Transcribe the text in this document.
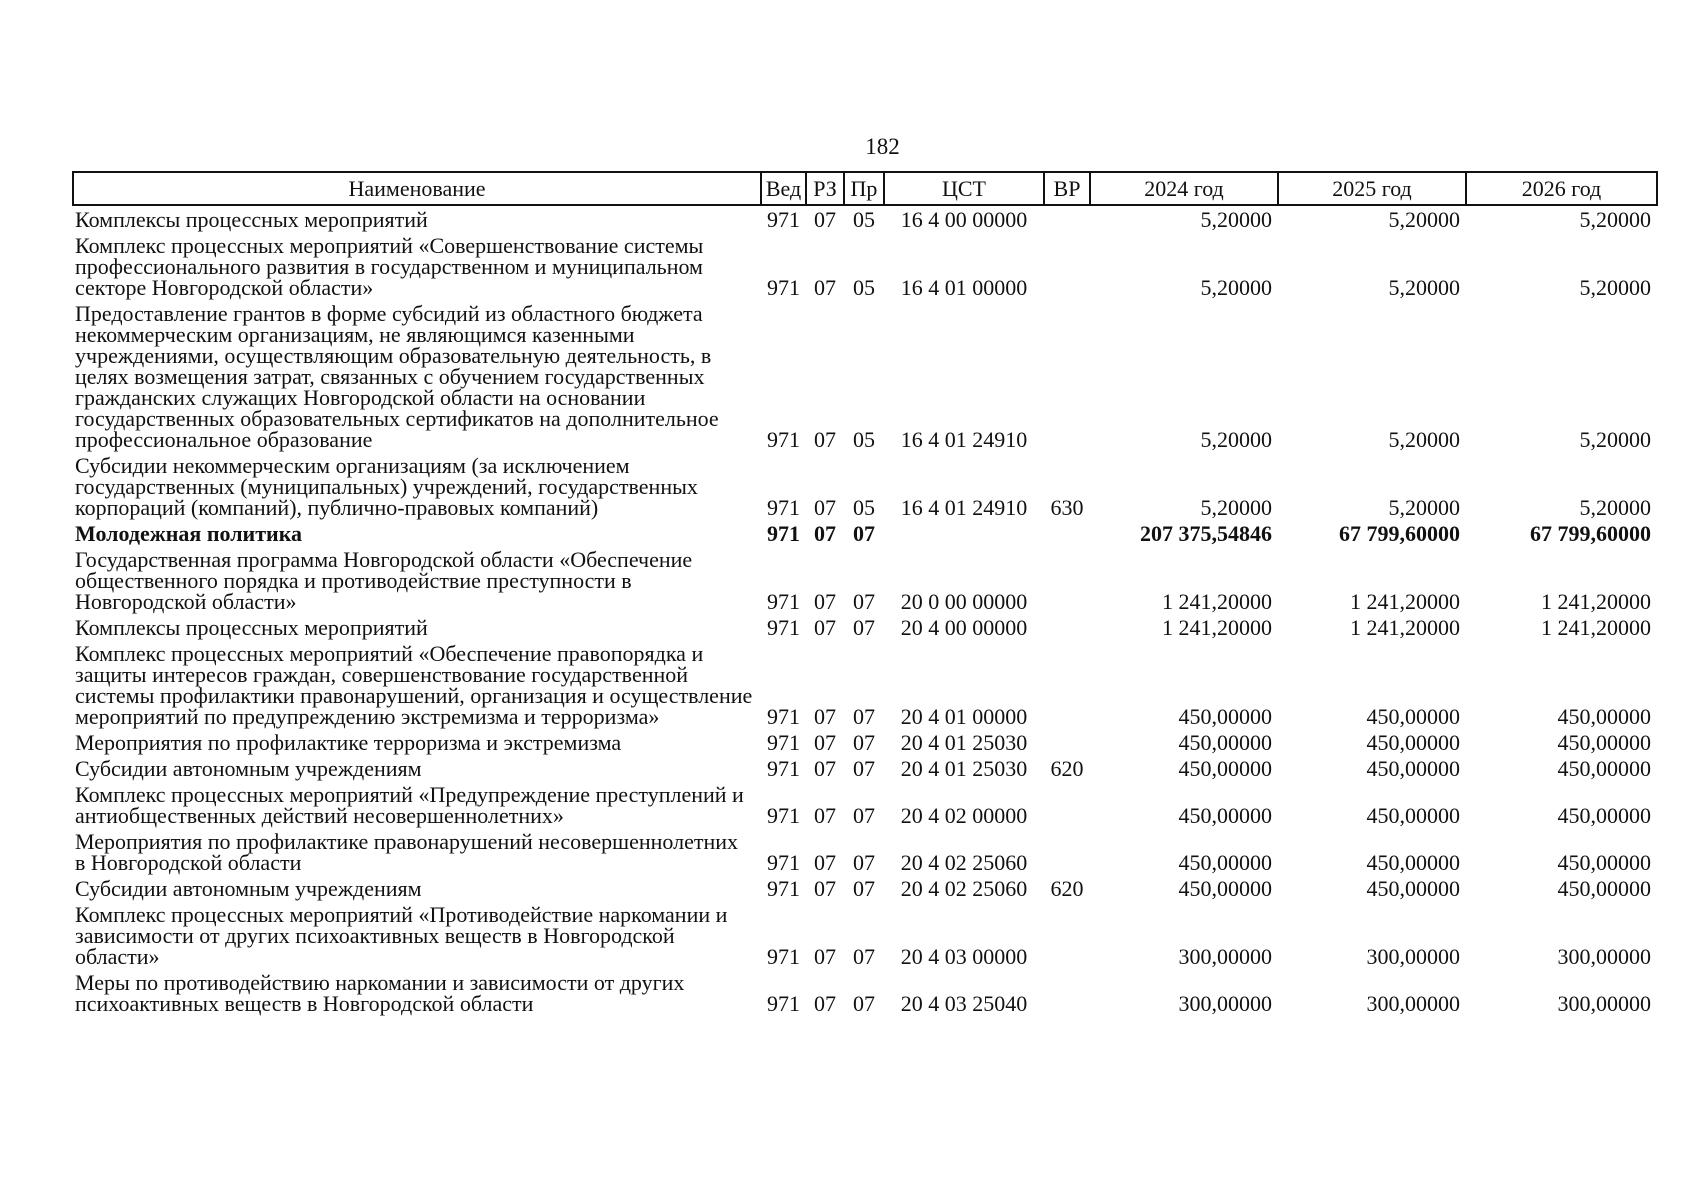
182
Наименование	Вед	РЗ	Пр	ЦСТ	ВР	2024 год	2025 год	2026 год
Комплексы процессных мероприятий	971	07	05	16 4 00 00000		5,20000	5,20000	5,20000
Комплекс процессных мероприятий «Совершенствование системы профессионального развития в государственном и муниципальном секторе Новгородской области»	971	07	05	16 4 01 00000		5,20000	5,20000	5,20000
Предоставление грантов в форме субсидий из областного бюджета некоммерческим организациям, не являющимся казенными учреждениями, осуществляющим образовательную деятельность, в целях возмещения затрат, связанных с обучением государственных гражданских служащих Новгородской области на основании государственных образовательных сертификатов на дополнительное профессиональное образование	971	07	05	16 4 01 24910		5,20000	5,20000	5,20000
Субсидии некоммерческим организациям (за исключением государственных (муниципальных) учреждений, государственных корпораций (компаний), публично-правовых компаний)	971	07	05	16 4 01 24910	630	5,20000	5,20000	5,20000
Молодежная политика	971	07	07			207 375,54846	67 799,60000	67 799,60000
Государственная программа Новгородской области «Обеспечение общественного порядка и противодействие преступности в Новгородской области»	971	07	07	20 0 00 00000		1 241,20000	1 241,20000	1 241,20000
Комплексы процессных мероприятий	971	07	07	20 4 00 00000		1 241,20000	1 241,20000	1 241,20000
Комплекс процессных мероприятий «Обеспечение правопорядка и защиты интересов граждан, совершенствование государственной системы профилактики правонарушений, организация и осуществление мероприятий по предупреждению экстремизма и терроризма»	971	07	07	20 4 01 00000		450,00000	450,00000	450,00000
Мероприятия по профилактике терроризма и экстремизма	971	07	07	20 4 01 25030		450,00000	450,00000	450,00000
Субсидии автономным учреждениям	971	07	07	20 4 01 25030	620	450,00000	450,00000	450,00000
Комплекс процессных мероприятий «Предупреждение преступлений и антиобщественных действий несовершеннолетних»	971	07	07	20 4 02 00000		450,00000	450,00000	450,00000
Мероприятия по профилактике правонарушений несовершеннолетних в Новгородской области	971	07	07	20 4 02 25060		450,00000	450,00000	450,00000
Субсидии автономным учреждениям	971	07	07	20 4 02 25060	620	450,00000	450,00000	450,00000
Комплекс процессных мероприятий «Противодействие наркомании и зависимости от других психоактивных веществ в Новгородской области»	971	07	07	20 4 03 00000		300,00000	300,00000	300,00000
Меры по противодействию наркомании и зависимости от других психоактивных веществ в Новгородской области	971	07	07	20 4 03 25040		300,00000	300,00000	300,00000
